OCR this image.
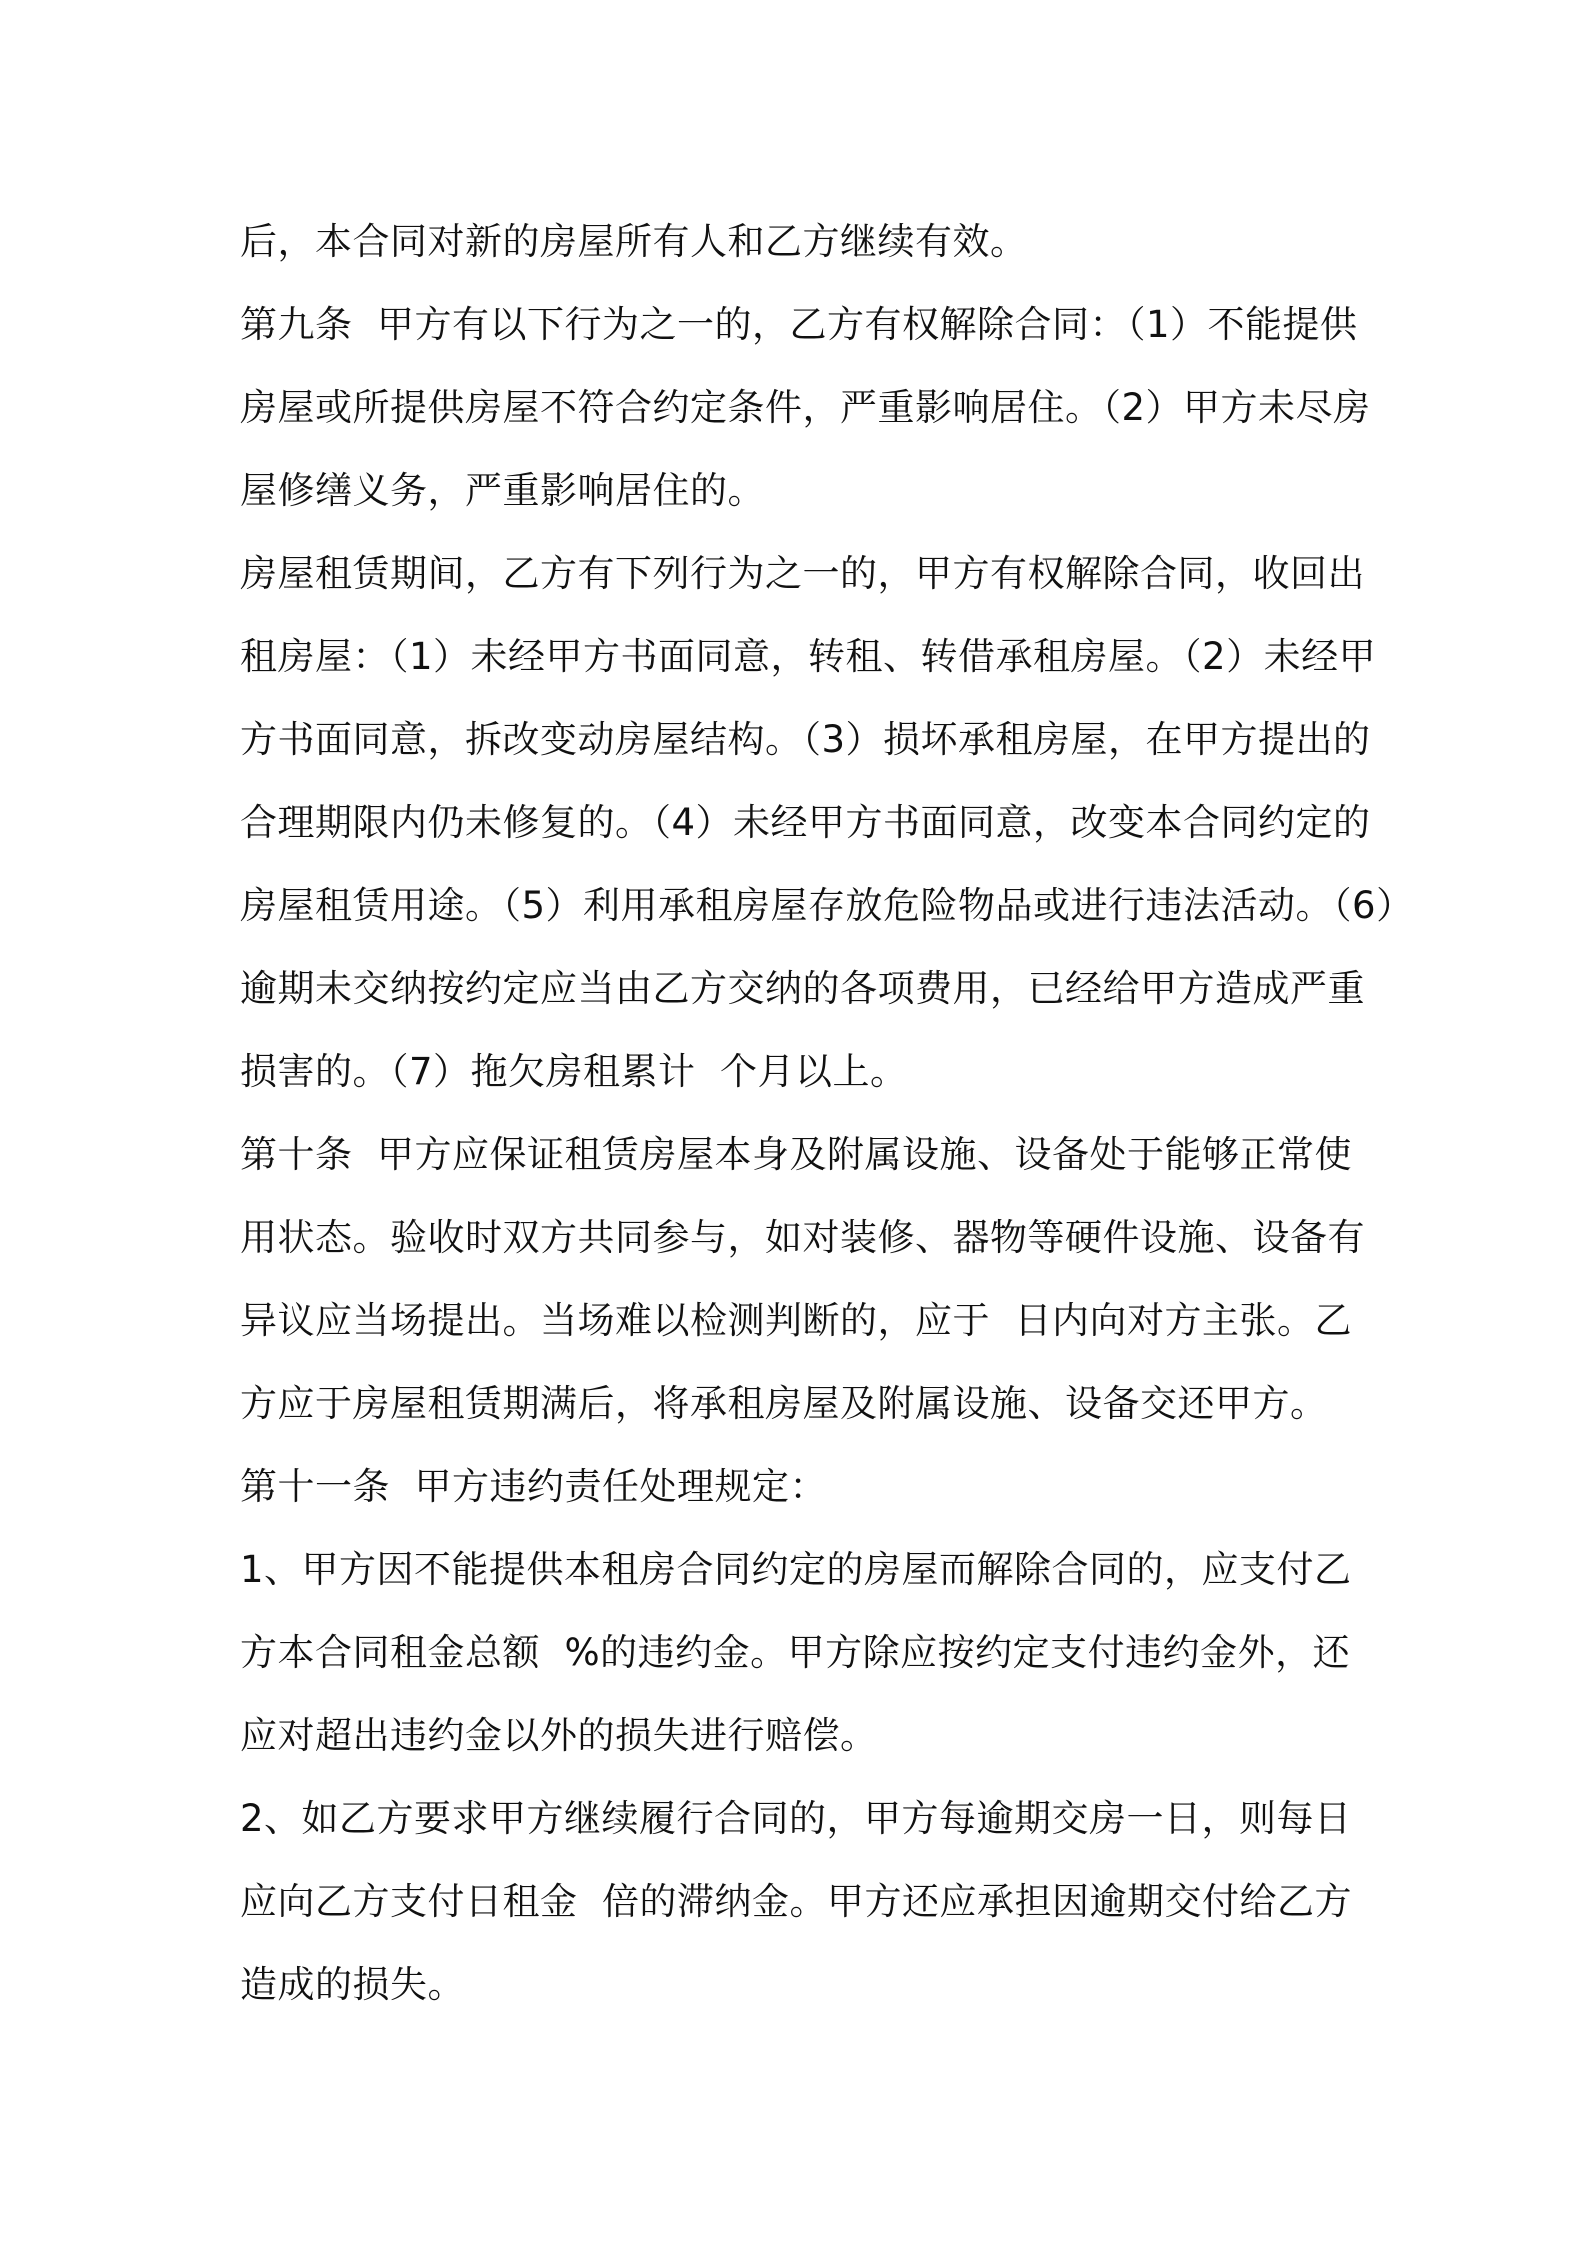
后，本合同对新的房屋所有人和乙方继续有效。
第九条  甲方有以下行为之一的，乙方有权解除合同：（1）不能提供
房屋或所提供房屋不符合约定条件，严重影响居住。（2）甲方未尽房
屋修缮义务，严重影响居住的。
房屋租赁期间，乙方有下列行为之一的，甲方有权解除合同，收回出
租房屋：（1）未经甲方书面同意，转租、转借承租房屋。（2）未经甲
方书面同意，拆改变动房屋结构。（3）损坏承租房屋，在甲方提出的
合理期限内仍未修复的。（4）未经甲方书面同意，改变本合同约定的
房屋租赁用途。（5）利用承租房屋存放危险物品或进行违法活动。（6）
逾期未交纳按约定应当由乙方交纳的各项费用，已经给甲方造成严重
损害的。（7）拖欠房租累计  个月以上。
第十条  甲方应保证租赁房屋本身及附属设施、设备处于能够正常使
用状态。验收时双方共同参与，如对装修、器物等硬件设施、设备有
异议应当场提出。当场难以检测判断的，应于  日内向对方主张。乙
方应于房屋租赁期满后，将承租房屋及附属设施、设备交还甲方。
第十一条  甲方违约责任处理规定：
1、甲方因不能提供本租房合同约定的房屋而解除合同的，应支付乙
方本合同租金总额  %的违约金。甲方除应按约定支付违约金外，还
应对超出违约金以外的损失进行赔偿。
2、如乙方要求甲方继续履行合同的，甲方每逾期交房一日，则每日
应向乙方支付日租金  倍的滞纳金。甲方还应承担因逾期交付给乙方
造成的损失。
